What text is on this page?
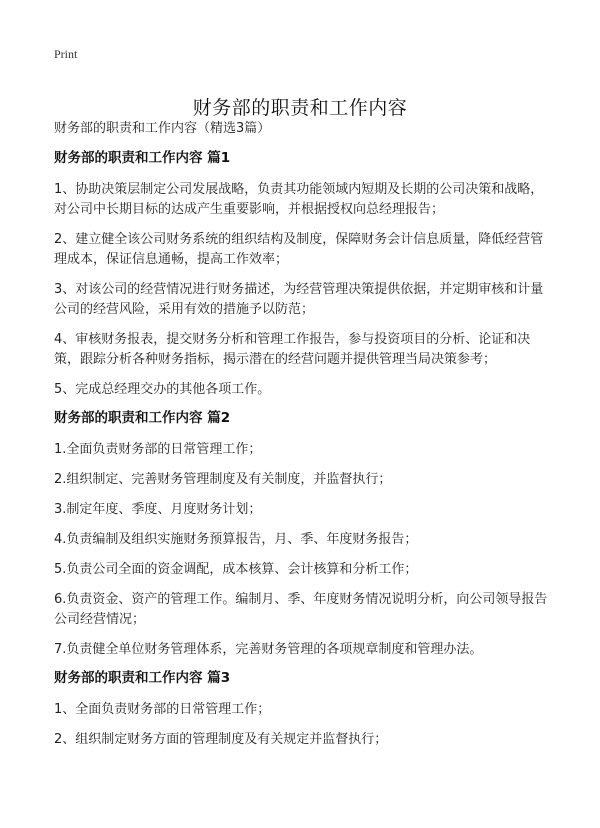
Print
财务部的职责和工作内容

财务部的职责和工作内容（精选3篇）

财务部的职责和工作内容 篇1

1、协助决策层制定公司发展战略，负责其功能领域内短期及长期的公司决策和战略，对公司中长期目标的达成产生重要影响，并根据授权向总经理报告；

2、建立健全该公司财务系统的组织结构及制度，保障财务会计信息质量，降低经营管理成本，保证信息通畅，提高工作效率；

3、对该公司的经营情况进行财务描述，为经营管理决策提供依据，并定期审核和计量公司的经营风险，采用有效的措施予以防范；

4、审核财务报表，提交财务分析和管理工作报告，参与投资项目的分析、论证和决策，跟踪分析各种财务指标，揭示潜在的经营问题并提供管理当局决策参考；

5、完成总经理交办的其他各项工作。

财务部的职责和工作内容 篇2

1.全面负责财务部的日常管理工作；

2.组织制定、完善财务管理制度及有关制度，并监督执行；

3.制定年度、季度、月度财务计划；

4.负责编制及组织实施财务预算报告，月、季、年度财务报告；

5.负责公司全面的资金调配，成本核算、会计核算和分析工作；

6.负责资金、资产的管理工作。编制月、季、年度财务情况说明分析，向公司领导报告公司经营情况；

7.负责健全单位财务管理体系，完善财务管理的各项规章制度和管理办法。

财务部的职责和工作内容 篇3

1、全面负责财务部的日常管理工作；

2、组织制定财务方面的管理制度及有关规定并监督执行；
